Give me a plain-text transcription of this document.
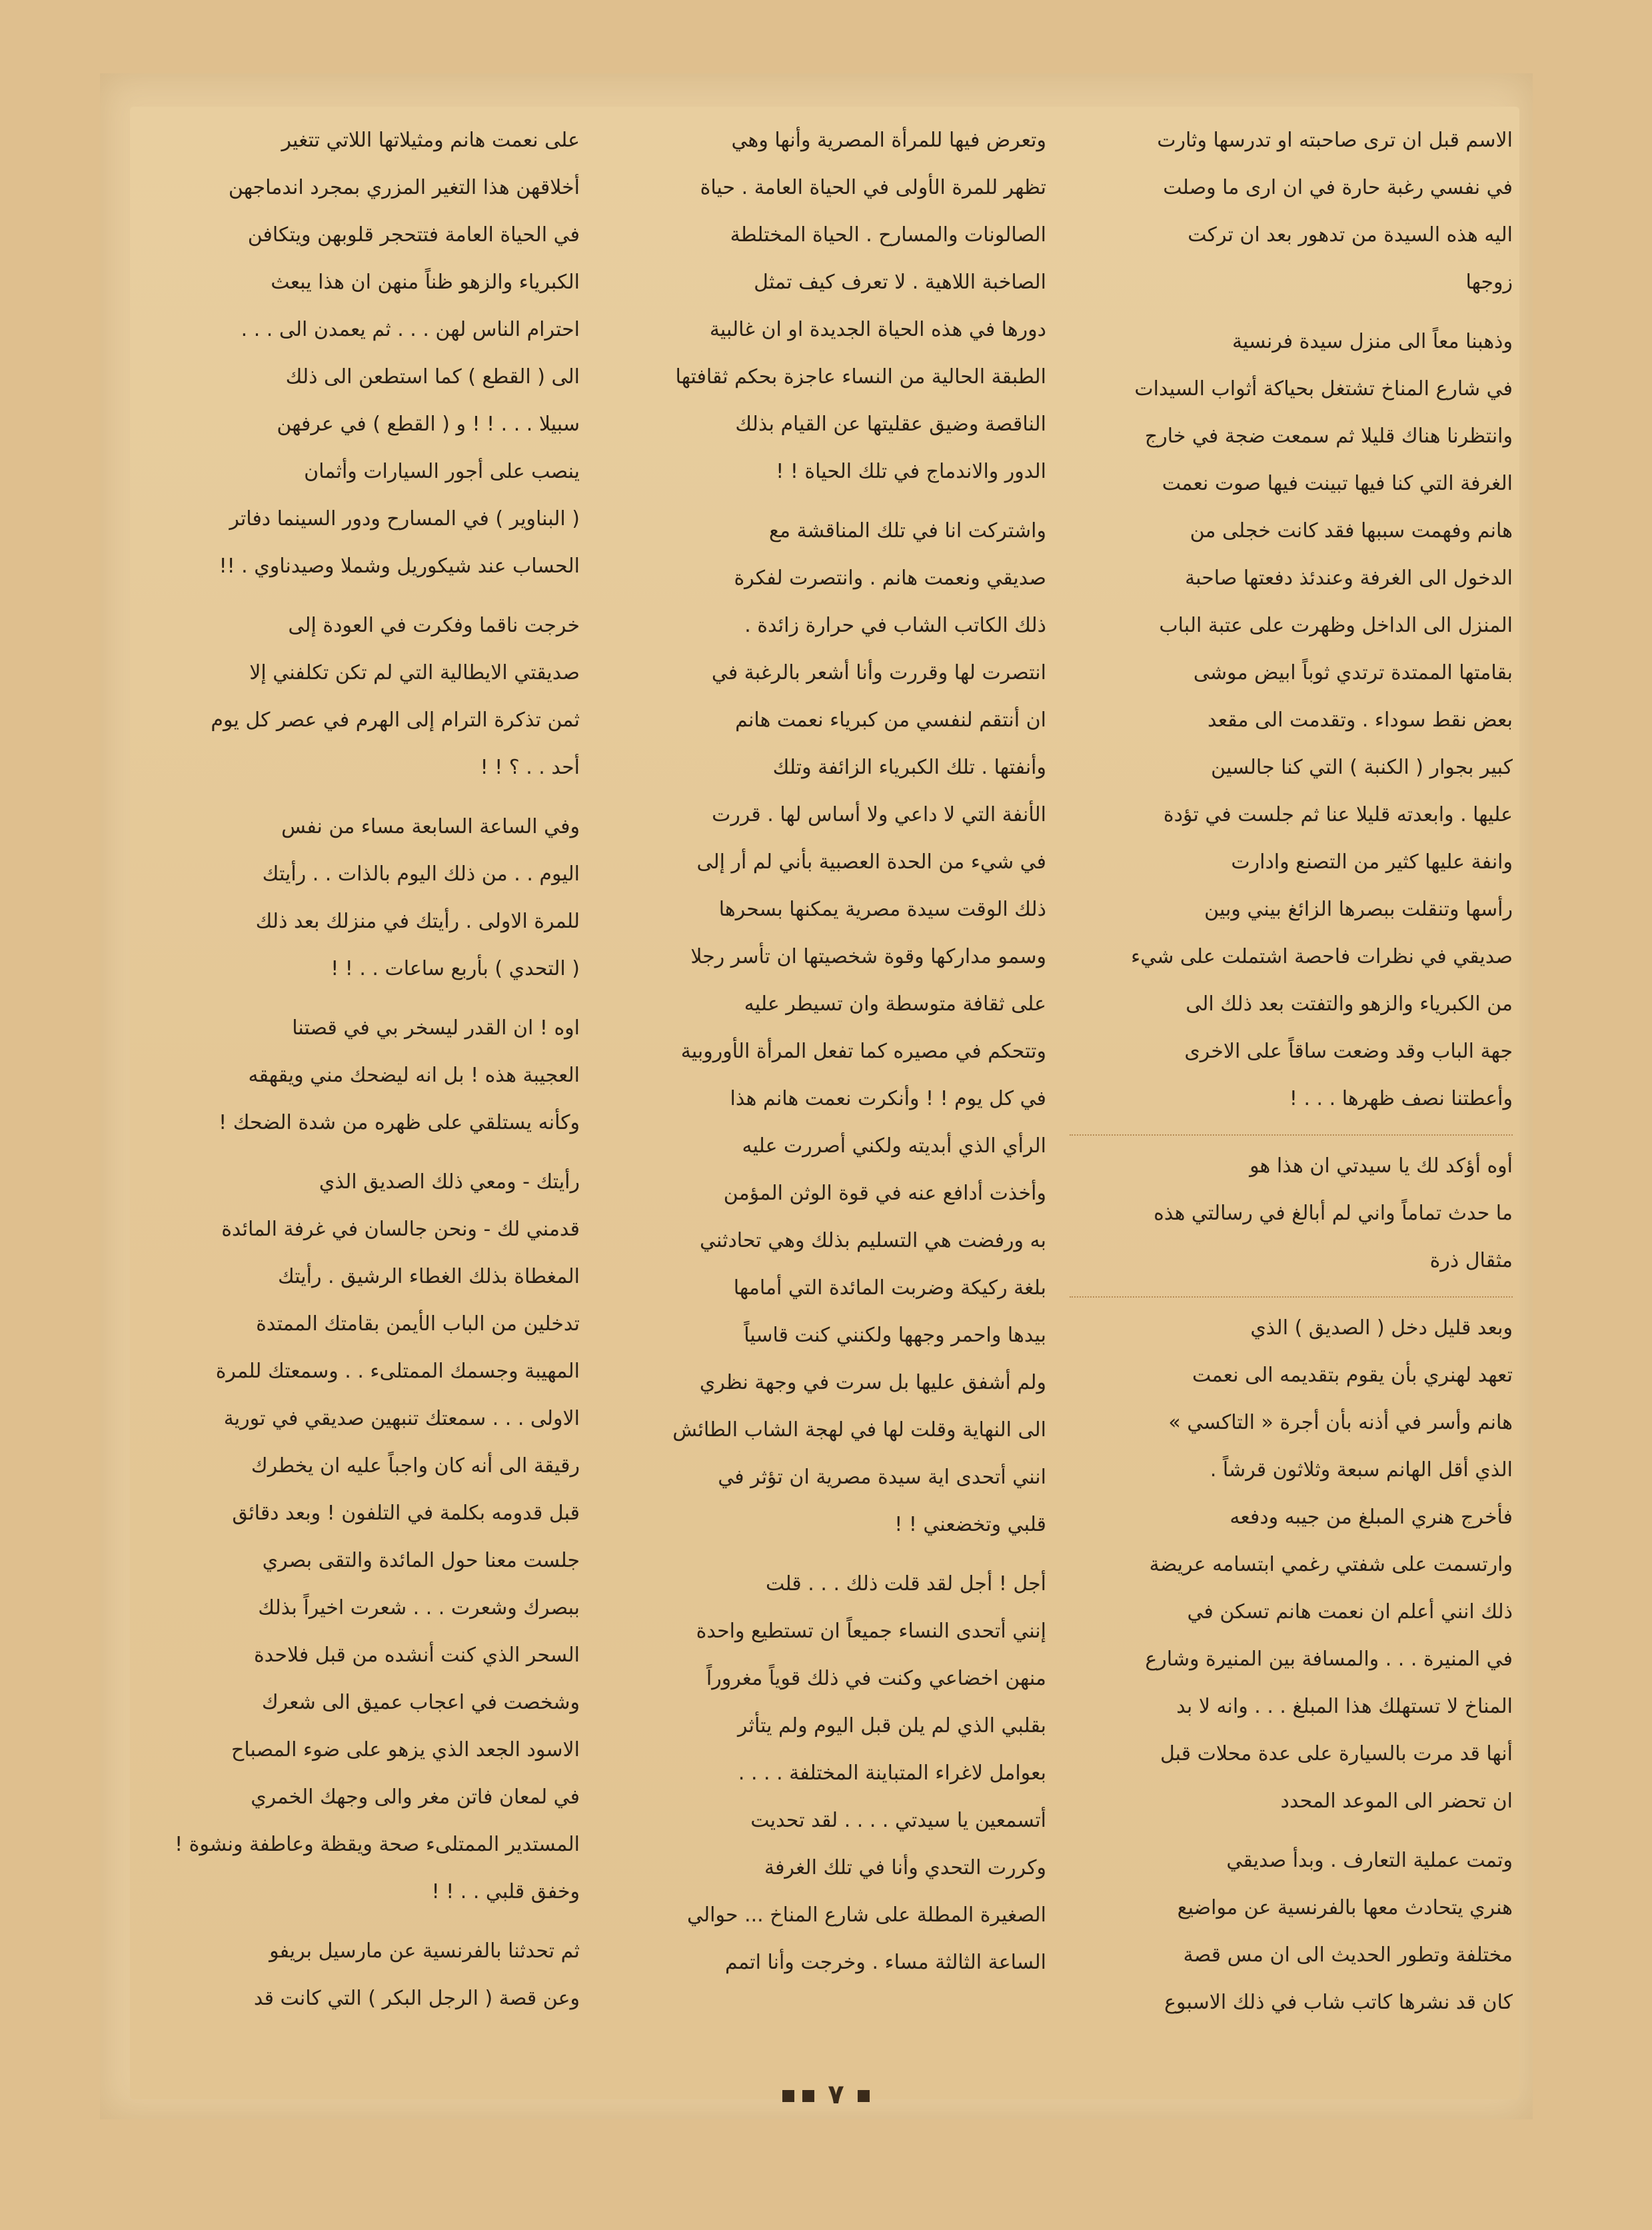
الاسم قبل ان ترى صاحبته او تدرسها وثارت
في نفسي رغبة حارة في ان ارى ما وصلت
اليه هذه السيدة من تدهور بعد ان تركت
زوجها

وذهبنا معاً الى منزل سيدة فرنسية
في شارع المناخ تشتغل بحياكة أثواب السيدات
وانتظرنا هناك قليلا ثم سمعت ضجة في خارج
الغرفة التي كنا فيها تبينت فيها صوت نعمت
هانم وفهمت سببها فقد كانت خجلى من
الدخول الى الغرفة وعندئذ دفعتها صاحبة
المنزل الى الداخل وظهرت على عتبة الباب
بقامتها الممتدة ترتدي ثوباً ابيض موشى
بعض نقط سوداء . وتقدمت الى مقعد
كبير بجوار ( الكنبة ) التي كنا جالسين
عليها . وابعدته قليلا عنا ثم جلست في تؤدة
وانفة عليها كثير من التصنع وادارت
رأسها وتنقلت ببصرها الزائغ بيني وبين
صديقي في نظرات فاحصة اشتملت على شيء
من الكبرياء والزهو والتفتت بعد ذلك الى
جهة الباب وقد وضعت ساقاً على الاخرى
وأعطتنا نصف ظهرها . . . !

أوه أؤكد لك يا سيدتي ان هذا هو
ما حدث تماماً واني لم أبالغ في رسالتي هذه
مثقال ذرة

وبعد قليل دخل ( الصديق ) الذي
تعهد لهنري بأن يقوم بتقديمه الى نعمت
هانم وأسر في أذنه بأن أجرة « التاكسي »
الذي أقل الهانم سبعة وثلاثون قرشاً .
فأخرج هنري المبلغ من جيبه ودفعه
وارتسمت على شفتي رغمي ابتسامه عريضة
ذلك انني أعلم ان نعمت هانم تسكن في
في المنيرة . . . والمسافة بين المنيرة وشارع
المناخ لا تستهلك هذا المبلغ . . . وانه لا بد
أنها قد مرت بالسيارة على عدة محلات قبل
ان تحضر الى الموعد المحدد

وتمت عملية التعارف . وبدأ صديقي
هنري يتحادث معها بالفرنسية عن مواضيع
مختلفة وتطور الحديث الى ان مس قصة
كان قد نشرها كاتب شاب في ذلك الاسبوع

وتعرض فيها للمرأة المصرية وأنها وهي
تظهر للمرة الأولى في الحياة العامة . حياة
الصالونات والمسارح . الحياة المختلطة
الصاخبة اللاهية . لا تعرف كيف تمثل
دورها في هذه الحياة الجديدة او ان غالبية
الطبقة الحالية من النساء عاجزة بحكم ثقافتها
الناقصة وضيق عقليتها عن القيام بذلك
الدور والاندماج في تلك الحياة ! !

واشتركت انا في تلك المناقشة مع
صديقي ونعمت هانم . وانتصرت لفكرة
ذلك الكاتب الشاب في حرارة زائدة .
انتصرت لها وقررت وأنا أشعر بالرغبة في
ان أنتقم لنفسي من كبرياء نعمت هانم
وأنفتها . تلك الكبرياء الزائفة وتلك
الأنفة التي لا داعي ولا أساس لها . قررت
في شيء من الحدة العصبية بأني لم أر إلى
ذلك الوقت سيدة مصرية يمكنها بسحرها
وسمو مداركها وقوة شخصيتها ان تأسر رجلا
على ثقافة متوسطة وان تسيطر عليه
وتتحكم في مصيره كما تفعل المرأة الأوروبية
في كل يوم ! ! وأنكرت نعمت هانم هذا
الرأي الذي أبديته ولكني أصررت عليه
وأخذت أدافع عنه في قوة الوثن المؤمن
به ورفضت هي التسليم بذلك وهي تحادثني
بلغة ركيكة وضربت المائدة التي أمامها
بيدها واحمر وجهها ولكنني كنت قاسياً
ولم أشفق عليها بل سرت في وجهة نظري
الى النهاية وقلت لها في لهجة الشاب الطائش
انني أتحدى اية سيدة مصرية ان تؤثر في
قلبي وتخضعني ! !

أجل ! أجل لقد قلت ذلك . . . قلت
إنني أتحدى النساء جميعاً ان تستطيع واحدة
منهن اخضاعي وكنت في ذلك قوياً مغروراً
بقلبي الذي لم يلن قبل اليوم ولم يتأثر
بعوامل لاغراء المتباينة المختلفة . . . .
أتسمعين يا سيدتي . . . . لقد تحديت
وكررت التحدي وأنا في تلك الغرفة
الصغيرة المطلة على شارع المناخ ... حوالي
الساعة الثالثة مساء . وخرجت وأنا اتمم

على نعمت هانم ومثيلاتها اللاتي تتغير
أخلاقهن هذا التغير المزري بمجرد اندماجهن
في الحياة العامة فتتحجر قلوبهن ويتكافن
الكبرياء والزهو ظناً منهن ان هذا يبعث
احترام الناس لهن . . . ثم يعمدن الى . . .
الى ( القطع ) كما استطعن الى ذلك
سبيلا . . . ! ! و ( القطع ) في عرفهن
ينصب على أجور السيارات وأثمان
( البناوير ) في المسارح ودور السينما دفاتر
الحساب عند شيكوريل وشملا وصيدناوي . !!

خرجت ناقما وفكرت في العودة إلى
صديقتي الايطالية التي لم تكن تكلفني إلا
ثمن تذكرة الترام إلى الهرم في عصر كل يوم
أحد . . ؟ ! !

وفي الساعة السابعة مساء من نفس
اليوم . . من ذلك اليوم بالذات . . رأيتك
للمرة الاولى . رأيتك في منزلك بعد ذلك
( التحدي ) بأربع ساعات . . ! !

اوه ! ان القدر ليسخر بي في قصتنا
العجيبة هذه ! بل انه ليضحك مني ويقهقه
وكأنه يستلقي على ظهره من شدة الضحك !

رأيتك - ومعي ذلك الصديق الذي
قدمني لك - ونحن جالسان في غرفة المائدة
المغطاة بذلك الغطاء الرشيق . رأيتك
تدخلين من الباب الأيمن بقامتك الممتدة
المهيبة وجسمك الممتلىء . . وسمعتك للمرة
الاولى . . . سمعتك تنبهين صديقي في تورية
رقيقة الى أنه كان واجباً عليه ان يخطرك
قبل قدومه بكلمة في التلفون ! وبعد دقائق
جلست معنا حول المائدة والتقى بصري
ببصرك وشعرت . . . شعرت اخيراً بذلك
السحر الذي كنت أنشده من قبل فلاحدة
وشخصت في اعجاب عميق الى شعرك
الاسود الجعد الذي يزهو على ضوء المصباح
في لمعان فاتن مغر والى وجهك الخمري
المستدير الممتلىء صحة ويقظة وعاطفة ونشوة !
وخفق قلبي . . ! !

ثم تحدثنا بالفرنسية عن مارسيل بريفو
وعن قصة ( الرجل البكر ) التي كانت قد

٧
